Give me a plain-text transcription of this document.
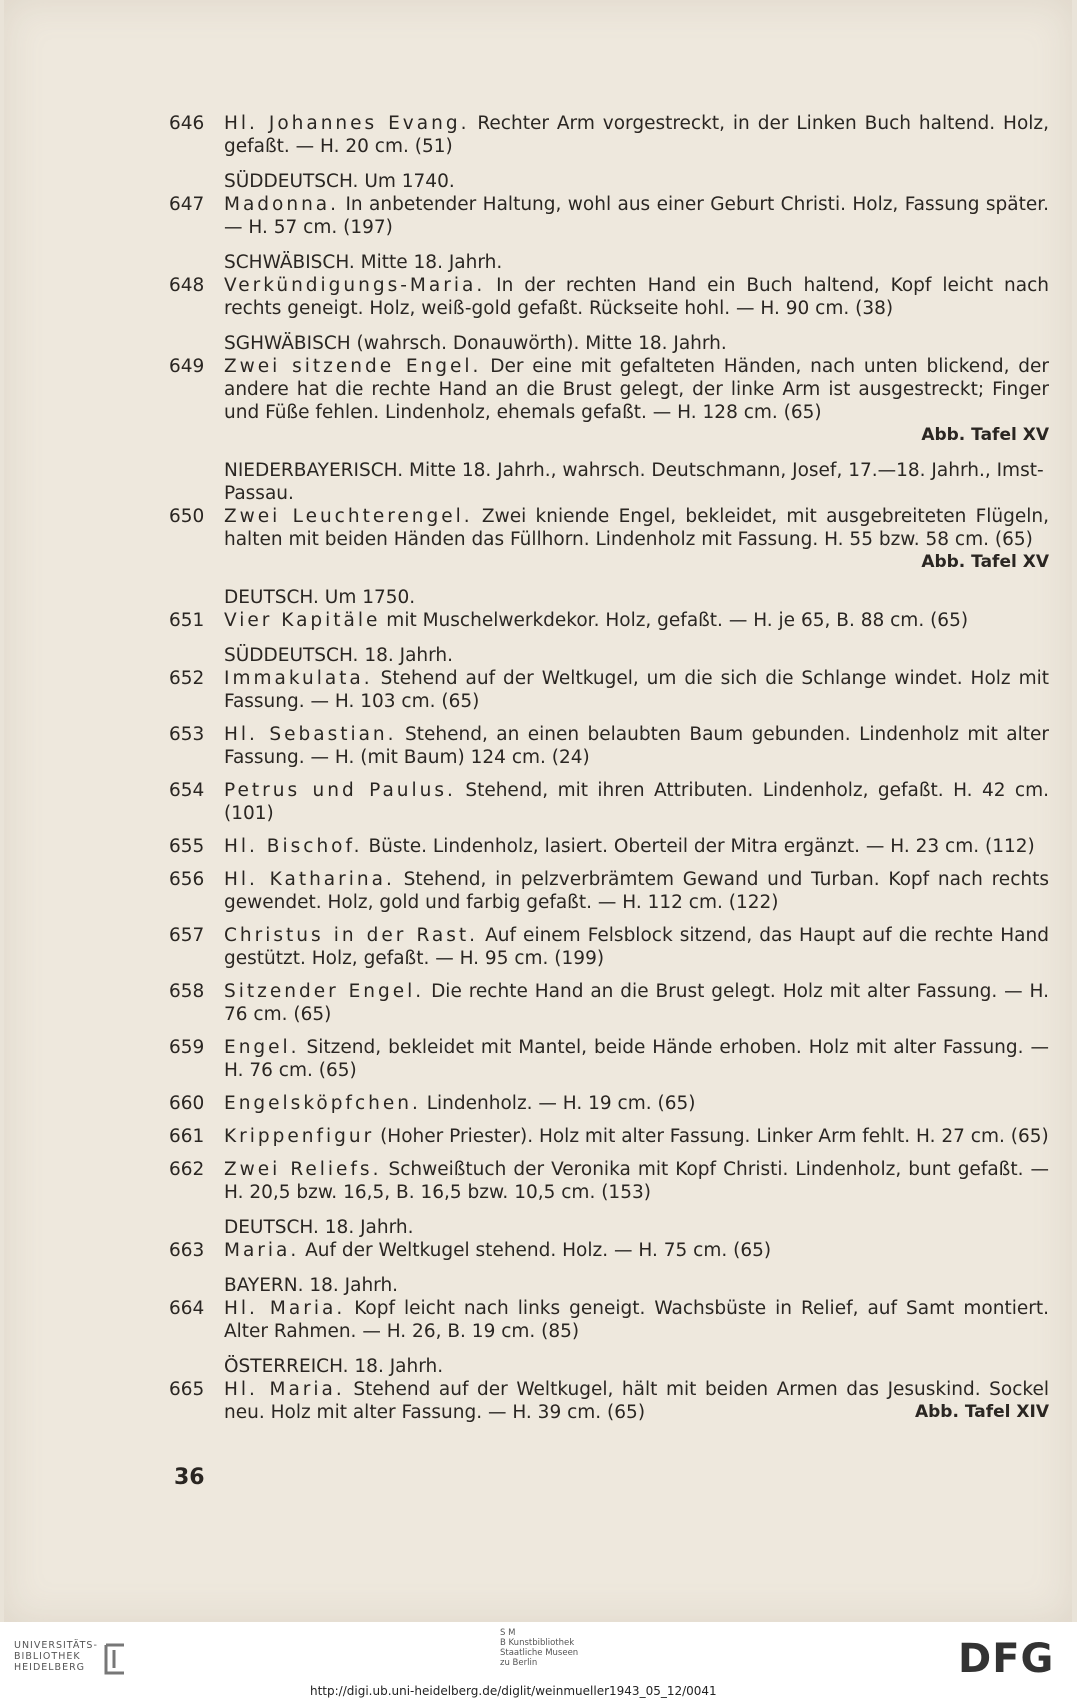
646	Hl. Johannes Evang. Rechter Arm vorgestreckt, in der Linken Buch haltend. Holz, gefaßt. — H. 20 cm. (51)
SÜDDEUTSCH. Um 1740.
647	Madonna. In anbetender Haltung, wohl aus einer Geburt Christi. Holz, Fassung später. — H. 57 cm. (197)
SCHWÄBISCH. Mitte 18. Jahrh.
648	Verkündigungs-Maria. In der rechten Hand ein Buch haltend, Kopf leicht nach rechts geneigt. Holz, weiß-gold gefaßt. Rückseite hohl. — H. 90 cm. (38)
SGHWÄBISCH (wahrsch. Donauwörth). Mitte 18. Jahrh.
649	Zwei sitzende Engel. Der eine mit gefalteten Händen, nach unten blickend, der andere hat die rechte Hand an die Brust gelegt, der linke Arm ist ausgestreckt; Finger und Füße fehlen. Lindenholz, ehemals gefaßt. — H. 128 cm. (65)
Abb. Tafel XV
NIEDERBAYERISCH. Mitte 18. Jahrh., wahrsch. Deutschmann, Josef, 17.—18. Jahrh., Imst-Passau.
650	Zwei Leuchterengel. Zwei kniende Engel, bekleidet, mit ausgebreiteten Flügeln, halten mit beiden Händen das Füllhorn. Lindenholz mit Fassung. H. 55 bzw. 58 cm. (65)
Abb. Tafel XV
DEUTSCH. Um 1750.
651	Vier Kapitäle mit Muschelwerkdekor. Holz, gefaßt. — H. je 65, B. 88 cm. (65)
SÜDDEUTSCH. 18. Jahrh.
652	Immakulata. Stehend auf der Weltkugel, um die sich die Schlange windet. Holz mit Fassung. — H. 103 cm. (65)
653	Hl. Sebastian. Stehend, an einen belaubten Baum gebunden. Lindenholz mit alter Fassung. — H. (mit Baum) 124 cm. (24)
654	Petrus und Paulus. Stehend, mit ihren Attributen. Lindenholz, gefaßt. H. 42 cm. (101)
655	Hl. Bischof. Büste. Lindenholz, lasiert. Oberteil der Mitra ergänzt. — H. 23 cm. (112)
656	Hl. Katharina. Stehend, in pelzverbrämtem Gewand und Turban. Kopf nach rechts gewendet. Holz, gold und farbig gefaßt. — H. 112 cm. (122)
657	Christus in der Rast. Auf einem Felsblock sitzend, das Haupt auf die rechte Hand gestützt. Holz, gefaßt. — H. 95 cm. (199)
658	Sitzender Engel. Die rechte Hand an die Brust gelegt. Holz mit alter Fassung. — H. 76 cm. (65)
659	Engel. Sitzend, bekleidet mit Mantel, beide Hände erhoben. Holz mit alter Fassung. — H. 76 cm. (65)
660	Engelsköpfchen. Lindenholz. — H. 19 cm. (65)
661	Krippenfigur (Hoher Priester). Holz mit alter Fassung. Linker Arm fehlt. H. 27 cm. (65)
662	Zwei Reliefs. Schweißtuch der Veronika mit Kopf Christi. Lindenholz, bunt gefaßt. — H. 20,5 bzw. 16,5, B. 16,5 bzw. 10,5 cm. (153)
DEUTSCH. 18. Jahrh.
663	Maria. Auf der Weltkugel stehend. Holz. — H. 75 cm. (65)
BAYERN. 18. Jahrh.
664	Hl. Maria. Kopf leicht nach links geneigt. Wachsbüste in Relief, auf Samt montiert. Alter Rahmen. — H. 26, B. 19 cm. (85)
ÖSTERREICH. 18. Jahrh.
665	Hl. Maria. Stehend auf der Weltkugel, hält mit beiden Armen das Jesuskind. Sockel neu. Holz mit alter Fassung. — H. 39 cm. (65)	Abb. Tafel XIV
36
UNIVERSITÄTS-
BIBLIOTHEK
HEIDELBERG
S M
B Kunstbibliothek
Staatliche Museen
zu Berlin	DFG
http://digi.ub.uni-heidelberg.de/diglit/weinmueller1943_05_12/0041
